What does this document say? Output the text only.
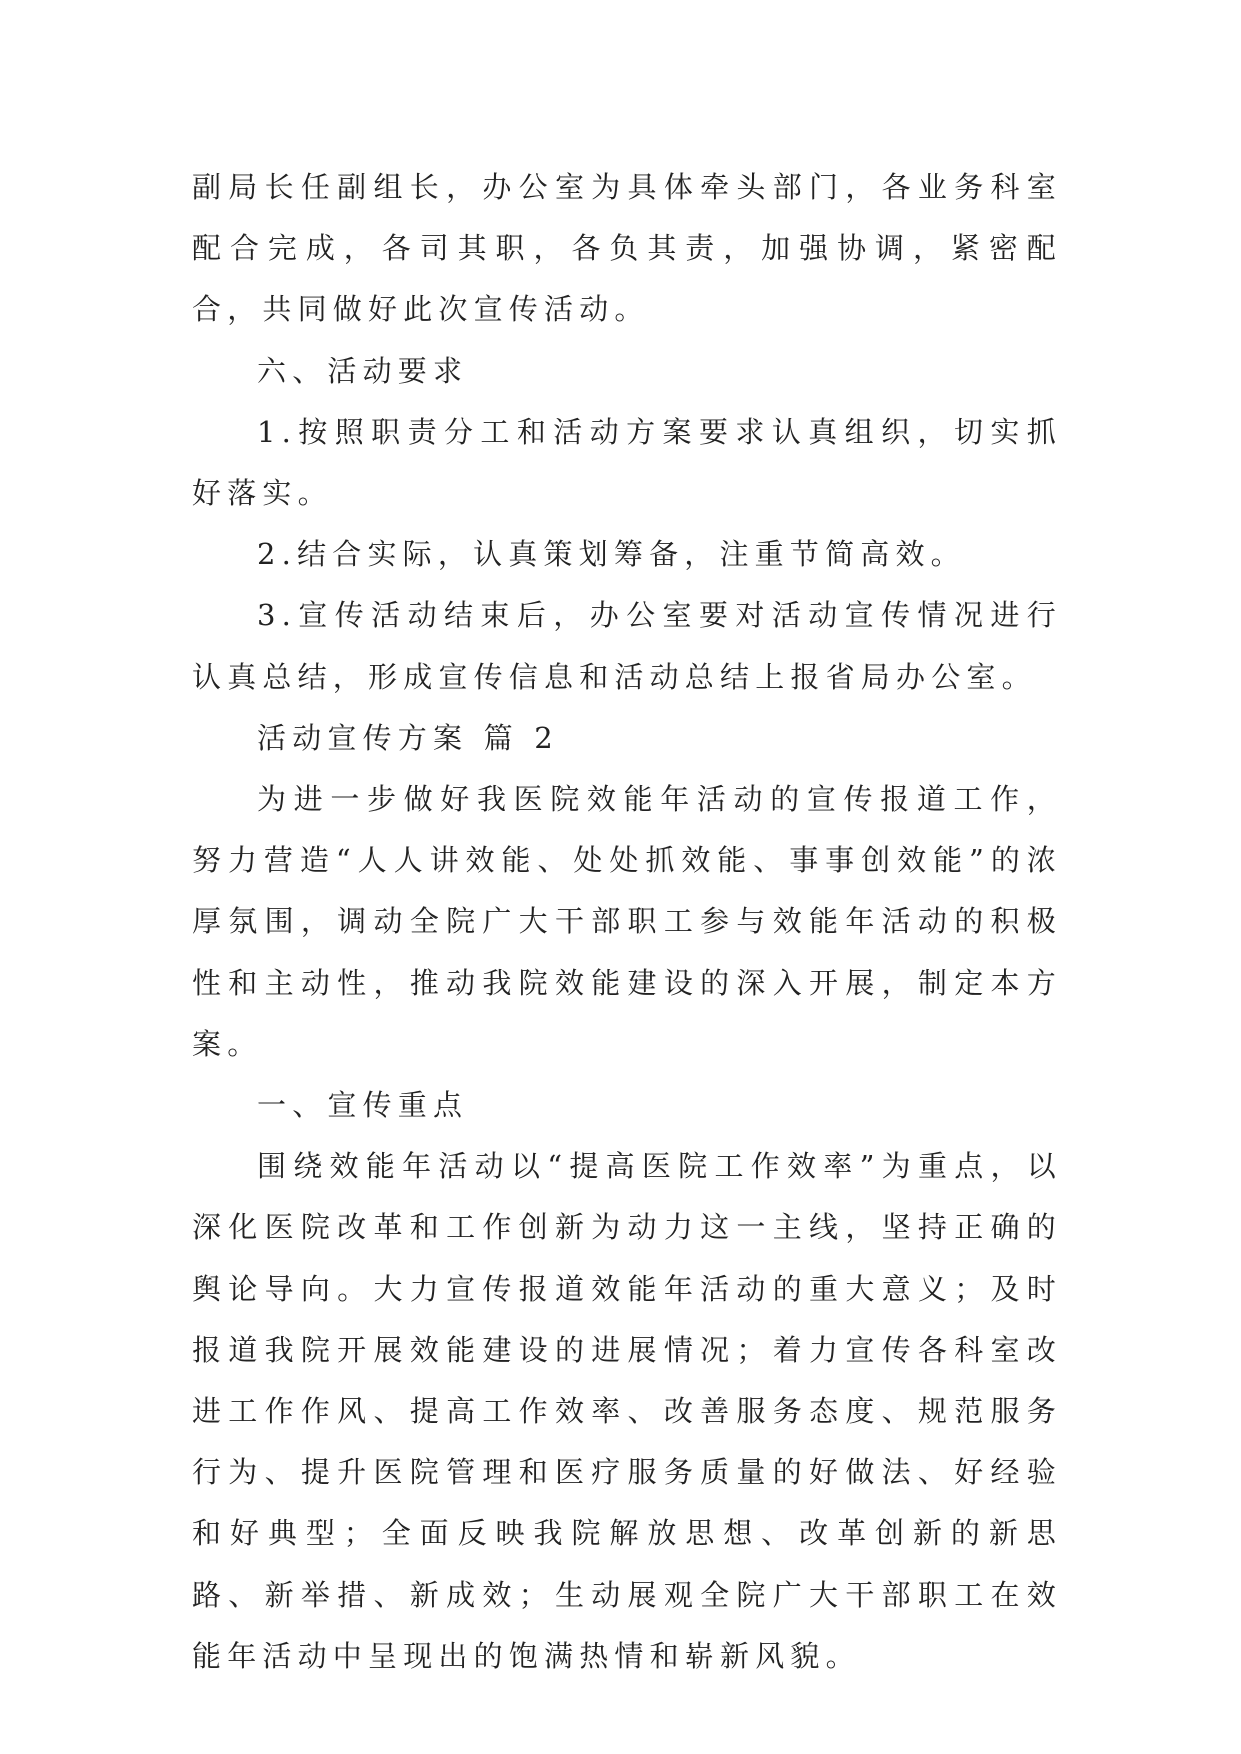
副局长任副组长，办公室为具体牵头部门，各业务科室配合完成，各司其职，各负其责，加强协调，紧密配合，共同做好此次宣传活动。

六、活动要求

1.按照职责分工和活动方案要求认真组织，切实抓好落实。

2.结合实际，认真策划筹备，注重节简高效。

3.宣传活动结束后，办公室要对活动宣传情况进行认真总结，形成宣传信息和活动总结上报省局办公室。

活动宣传方案 篇 2

为进一步做好我医院效能年活动的宣传报道工作，努力营造“人人讲效能、处处抓效能、事事创效能”的浓厚氛围，调动全院广大干部职工参与效能年活动的积极性和主动性，推动我院效能建设的深入开展，制定本方案。

一、宣传重点

围绕效能年活动以“提高医院工作效率”为重点，以深化医院改革和工作创新为动力这一主线，坚持正确的舆论导向。大力宣传报道效能年活动的重大意义；及时报道我院开展效能建设的进展情况；着力宣传各科室改进工作作风、提高工作效率、改善服务态度、规范服务行为、提升医院管理和医疗服务质量的好做法、好经验和好典型；全面反映我院解放思想、改革创新的新思路、新举措、新成效；生动展观全院广大干部职工在效能年活动中呈现出的饱满热情和崭新风貌。
